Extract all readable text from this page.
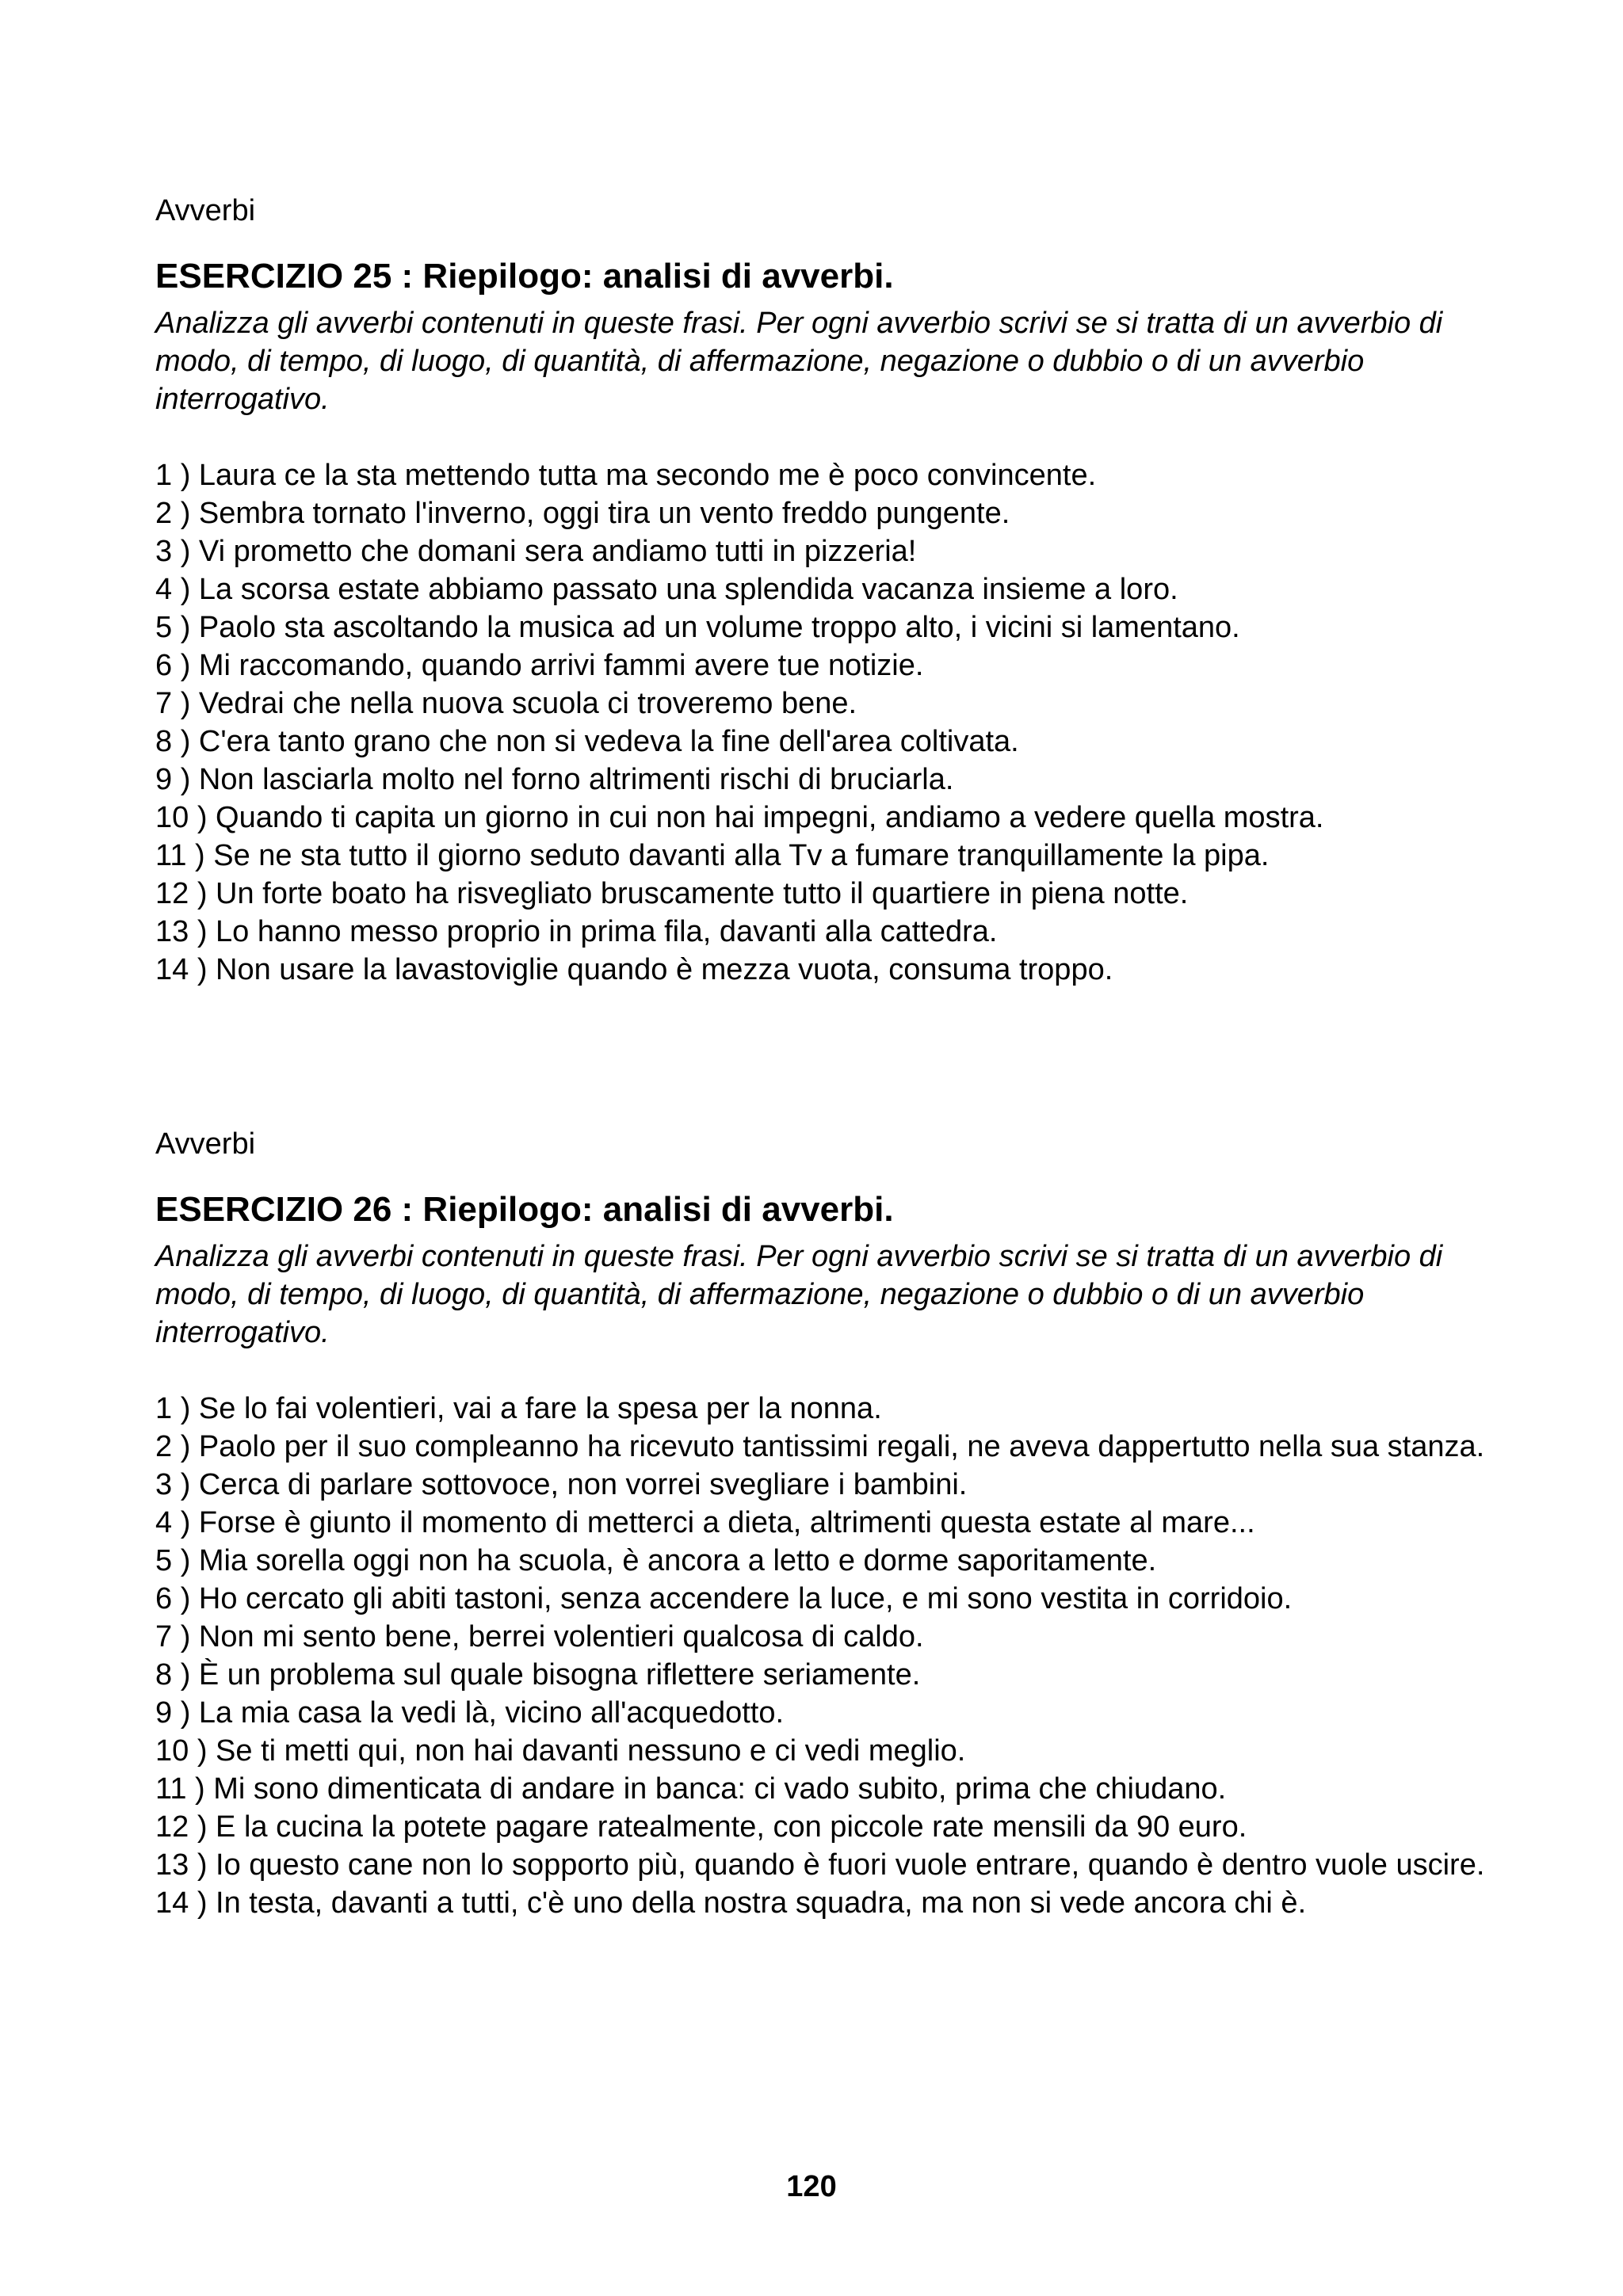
Avverbi
ESERCIZIO 25 : Riepilogo: analisi di avverbi.
Analizza gli avverbi contenuti in queste frasi. Per ogni avverbio scrivi se si tratta di un avverbio di modo, di tempo, di luogo, di quantità, di affermazione, negazione o dubbio o di un avverbio interrogativo.
1 ) Laura ce la sta mettendo tutta ma secondo me è poco convincente.
2 ) Sembra tornato l'inverno, oggi tira un vento freddo pungente.
3 ) Vi prometto che domani sera andiamo tutti in pizzeria!
4 ) La scorsa estate abbiamo passato una splendida vacanza insieme a loro.
5 ) Paolo sta ascoltando la musica ad un volume troppo alto, i vicini si lamentano.
6 ) Mi raccomando, quando arrivi fammi avere tue notizie.
7 ) Vedrai che nella nuova scuola ci troveremo bene.
8 ) C'era tanto grano che non si vedeva la fine dell'area coltivata.
9 ) Non lasciarla molto nel forno altrimenti rischi di bruciarla.
10 ) Quando ti capita un giorno in cui non hai impegni, andiamo a vedere quella mostra.
11 ) Se ne sta tutto il giorno seduto davanti alla Tv a fumare tranquillamente la pipa.
12 ) Un forte boato ha risvegliato bruscamente tutto il quartiere in piena notte.
13 ) Lo hanno messo proprio in prima fila, davanti alla cattedra.
14 ) Non usare la lavastoviglie quando è mezza vuota, consuma troppo.
Avverbi
ESERCIZIO 26 : Riepilogo: analisi di avverbi.
Analizza gli avverbi contenuti in queste frasi. Per ogni avverbio scrivi se si tratta di un avverbio di modo, di tempo, di luogo, di quantità, di affermazione, negazione o dubbio o di un avverbio interrogativo.
1 ) Se lo fai volentieri, vai a fare la spesa per la nonna.
2 ) Paolo per il suo compleanno ha ricevuto tantissimi regali, ne aveva dappertutto nella sua stanza.
3 ) Cerca di parlare sottovoce, non vorrei svegliare i bambini.
4 ) Forse è giunto il momento di metterci a dieta, altrimenti questa estate al mare...
5 ) Mia sorella oggi non ha scuola, è ancora a letto e dorme saporitamente.
6 ) Ho cercato gli abiti tastoni, senza accendere la luce, e mi sono vestita in corridoio.
7 ) Non mi sento bene, berrei volentieri qualcosa di caldo.
8 ) È un problema sul quale bisogna riflettere seriamente.
9 ) La mia casa la vedi là, vicino all'acquedotto.
10 ) Se ti metti qui, non hai davanti nessuno e ci vedi meglio.
11 ) Mi sono dimenticata di andare in banca: ci vado subito, prima che chiudano.
12 ) E la cucina la potete pagare ratealmente, con piccole rate mensili da 90 euro.
13 ) Io questo cane non lo sopporto più, quando è fuori vuole entrare, quando è dentro vuole uscire.
14 ) In testa, davanti a tutti, c'è uno della nostra squadra, ma non si vede ancora chi è.
120
